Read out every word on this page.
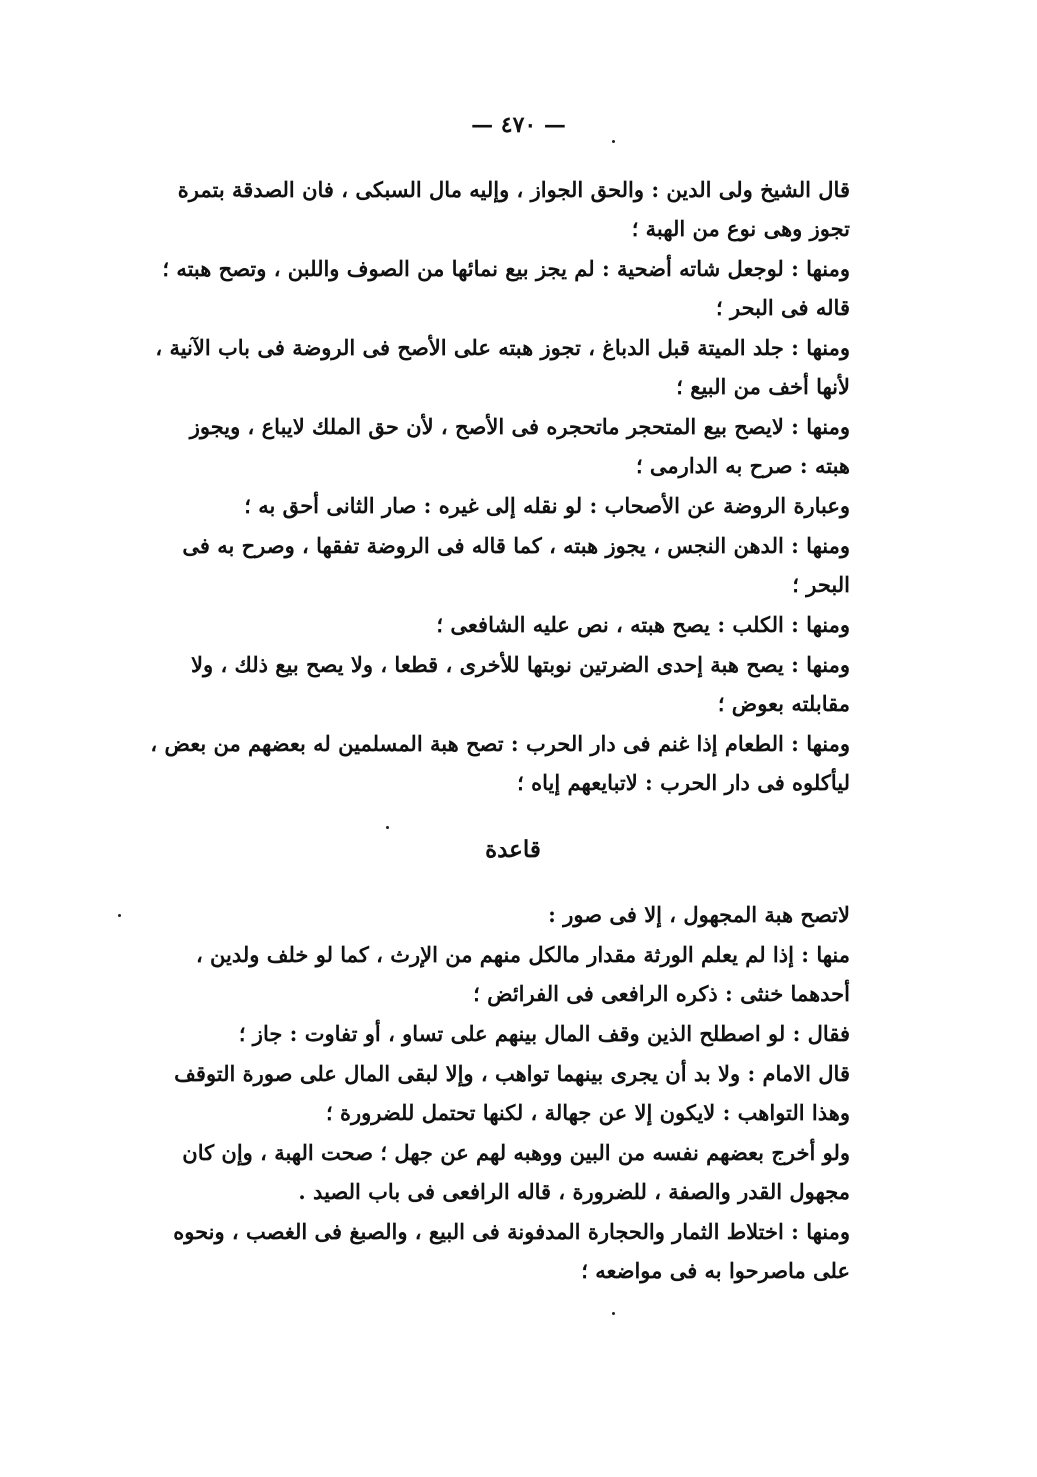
— ٤٧٠ —

قال الشيخ ولى الدين : والحق الجواز ، وإليه مال السبكى ، فان الصدقة بتمرة تجوز وهى نوع من الهبة ؛

ومنها : لوجعل شاته أضحية : لم يجز بيع نمائها من الصوف واللبن ، وتصح هبته ؛ قاله فى البحر ؛

ومنها : جلد الميتة قبل الدباغ ، تجوز هبته على الأصح فى الروضة فى باب الآنية ، لأنها أخف من البيع ؛

ومنها : لايصح بيع المتحجر ماتحجره فى الأصح ، لأن حق الملك لايباع ، ويجوز هبته : صرح به الدارمى ؛

وعبارة الروضة عن الأصحاب : لو نقله إلى غيره : صار الثانى أحق به ؛

ومنها : الدهن النجس ، يجوز هبته ، كما قاله فى الروضة تفقها ، وصرح به فى البحر ؛

ومنها : الكلب : يصح هبته ، نص عليه الشافعى ؛

ومنها : يصح هبة إحدى الضرتين نوبتها للأخرى ، قطعا ، ولا يصح بيع ذلك ، ولا مقابلته بعوض ؛

ومنها : الطعام إذا غنم فى دار الحرب : تصح هبة المسلمين له بعضهم من بعض ، ليأكلوه فى دار الحرب : لاتبايعهم إياه ؛

قاعدة

لاتصح هبة المجهول ، إلا فى صور :

منها : إذا لم يعلم الورثة مقدار مالكل منهم من الإرث ، كما لو خلف ولدين ، أحدهما خنثى : ذكره الرافعى فى الفرائض ؛

فقال : لو اصطلح الذين وقف المال بينهم على تساو ، أو تفاوت : جاز ؛

قال الامام : ولا بد أن يجرى بينهما تواهب ، وإلا لبقى المال على صورة التوقف وهذا التواهب : لايكون إلا عن جهالة ، لكنها تحتمل للضرورة ؛

ولو أخرج بعضهم نفسه من البين ووهبه لهم عن جهل ؛ صحت الهبة ، وإن كان مجهول القدر والصفة ، للضرورة ، قاله الرافعى فى باب الصيد .

ومنها : اختلاط الثمار والحجارة المدفونة فى البيع ، والصبغ فى الغصب ، ونحوه على ماصرحوا به فى مواضعه ؛
